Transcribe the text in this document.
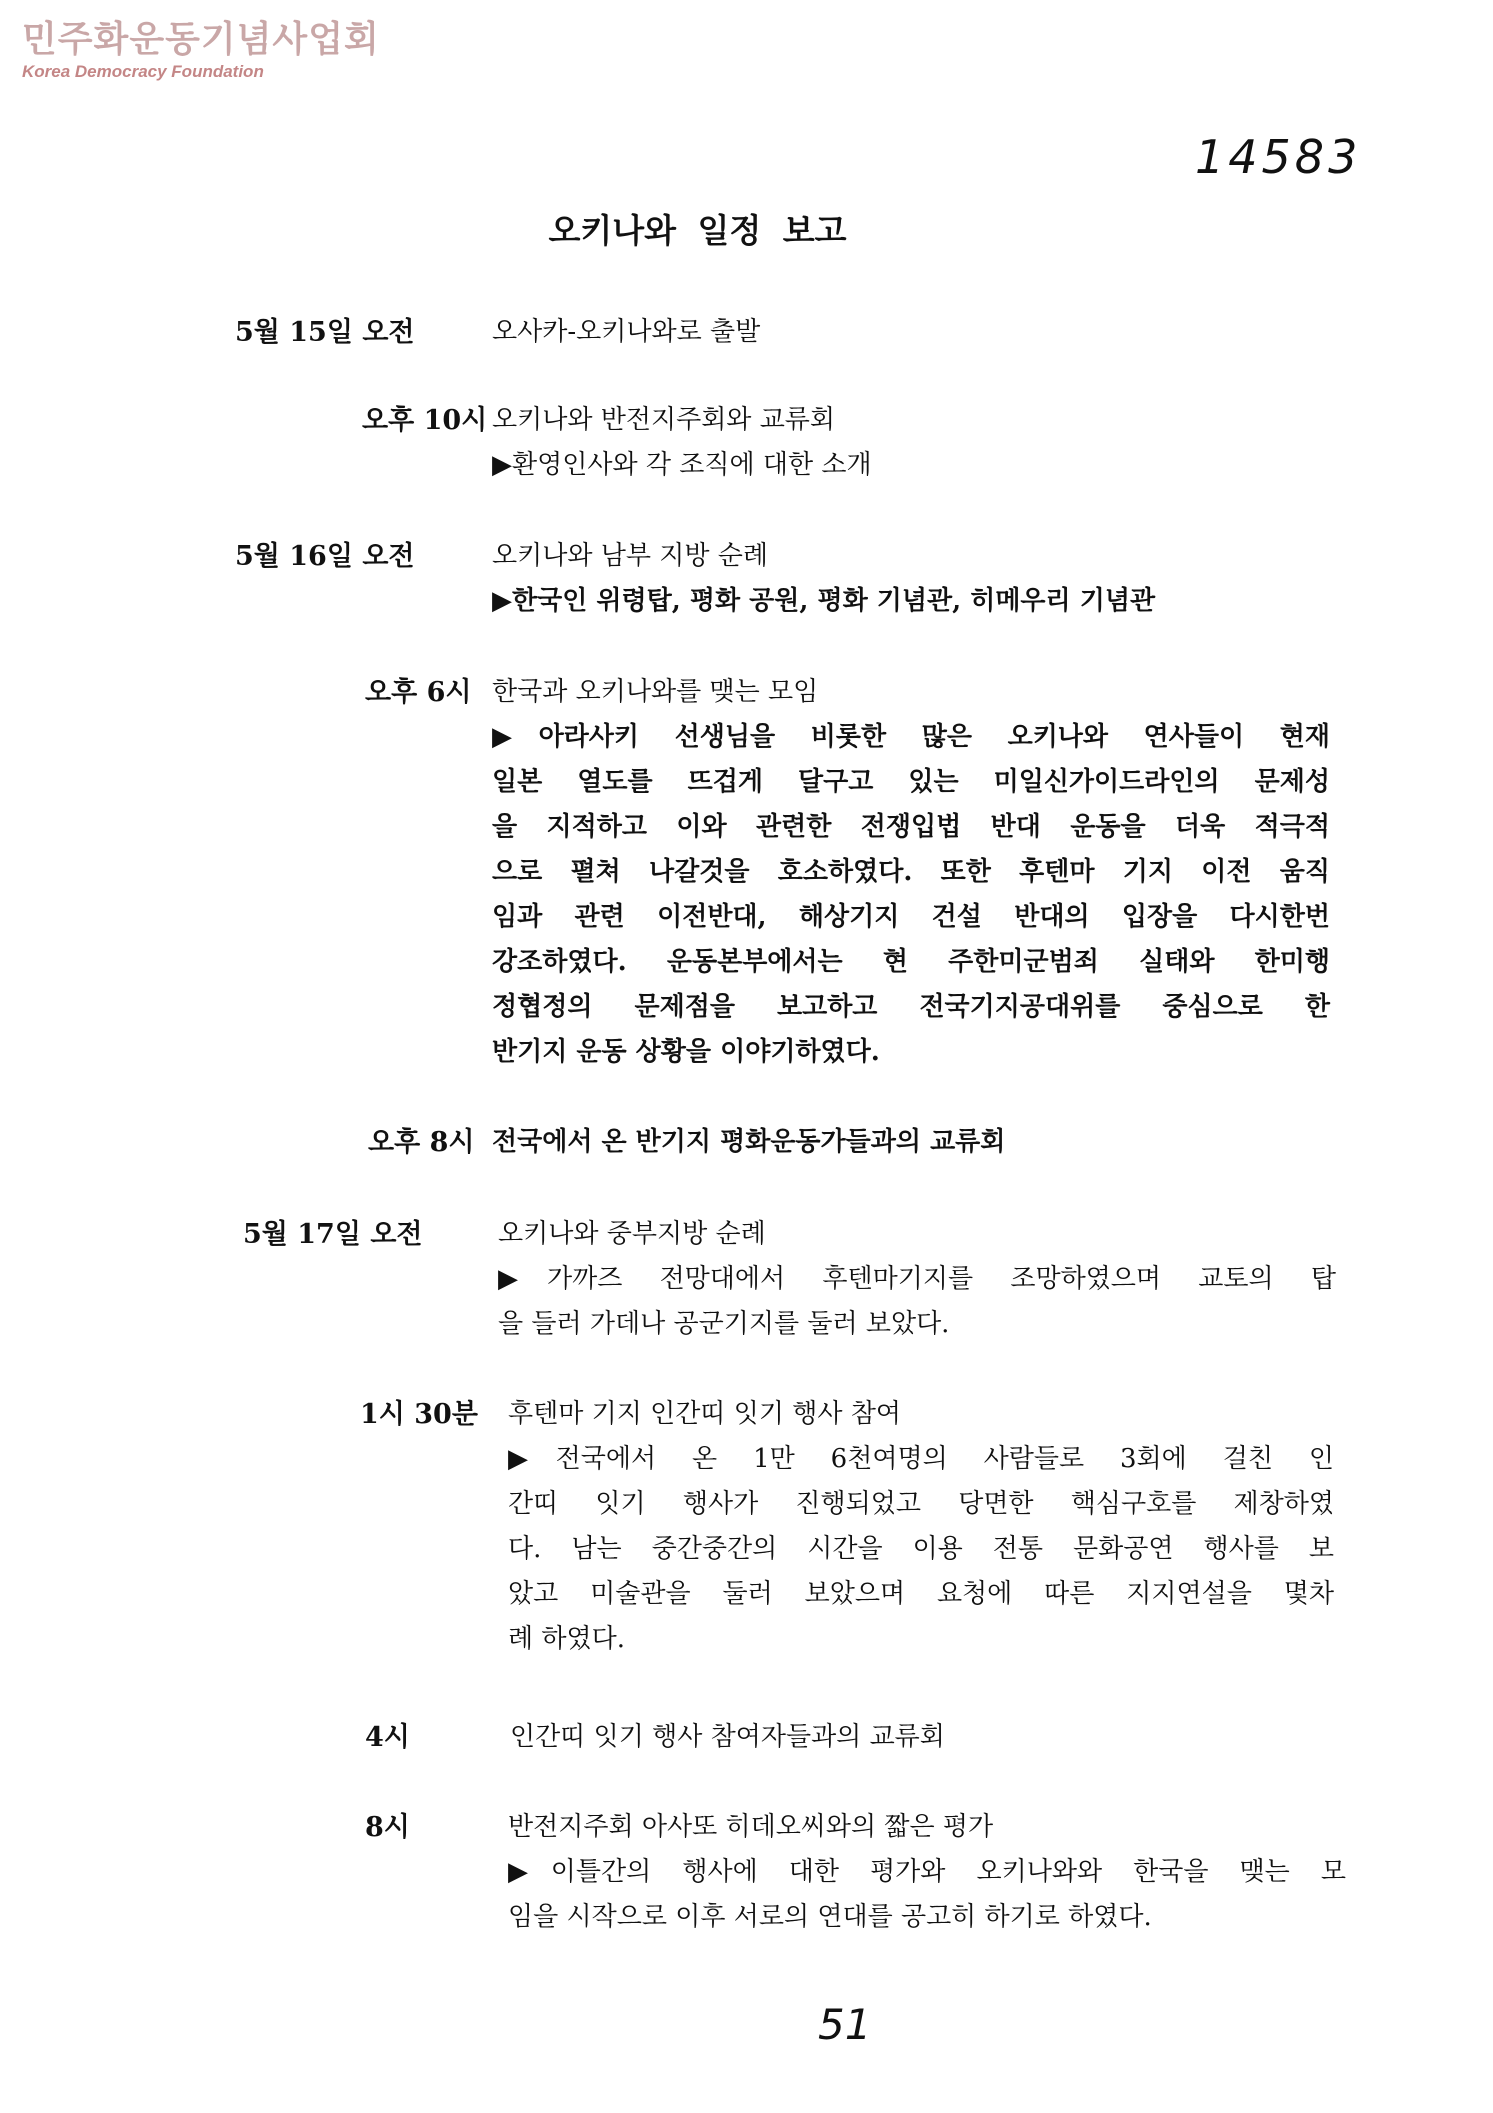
민주화운동기념사업회
Korea Democracy Foundation
14583
오키나와 일정 보고
5월 15일 오전	오사카-오키나와로 출발
오후 10시 오키나와 반전지주회와 교류회
▶환영인사와 각 조직에 대한 소개
5월 16일 오전	오키나와 남부 지방 순례
▶한국인 위령탑, 평화 공원, 평화 기념관, 히메우리 기념관
오후 6시 한국과 오키나와를 맺는 모임
▶아라사키 선생님을 비롯한 많은 오키나와 연사들이 현재
일본 열도를 뜨겁게 달구고 있는 미일신가이드라인의 문제성
을 지적하고 이와 관련한 전쟁입법 반대 운동을 더욱 적극적
으로 펼쳐 나갈것을 호소하였다. 또한 후텐마 기지 이전 움직
임과 관련 이전반대, 해상기지 건설 반대의 입장을 다시한번
강조하였다. 운동본부에서는 현 주한미군범죄 실태와 한미행
정협정의 문제점을 보고하고 전국기지공대위를 중심으로 한
반기지 운동 상황을 이야기하였다.
오후 8시 전국에서 온 반기지 평화운동가들과의 교류회
5월 17일 오전	오키나와 중부지방 순례
▶가까즈 전망대에서 후텐마기지를 조망하였으며 교토의 탑
을 들러 가데나 공군기지를 둘러 보았다.
1시 30분 후텐마 기지 인간띠 잇기 행사 참여
▶전국에서 온 1만 6천여명의 사람들로 3회에 걸친 인
간띠 잇기 행사가 진행되었고 당면한 핵심구호를 제창하였
다. 남는 중간중간의 시간을 이용 전통 문화공연 행사를 보
았고 미술관을 둘러 보았으며 요청에 따른 지지연설을 몇차
례 하였다.
4시	인간띠 잇기 행사 참여자들과의 교류회
8시	반전지주회 아사또 히데오씨와의 짧은 평가
▶이틀간의 행사에 대한 평가와 오키나와와 한국을 맺는 모
임을 시작으로 이후 서로의 연대를 공고히 하기로 하였다.
51
